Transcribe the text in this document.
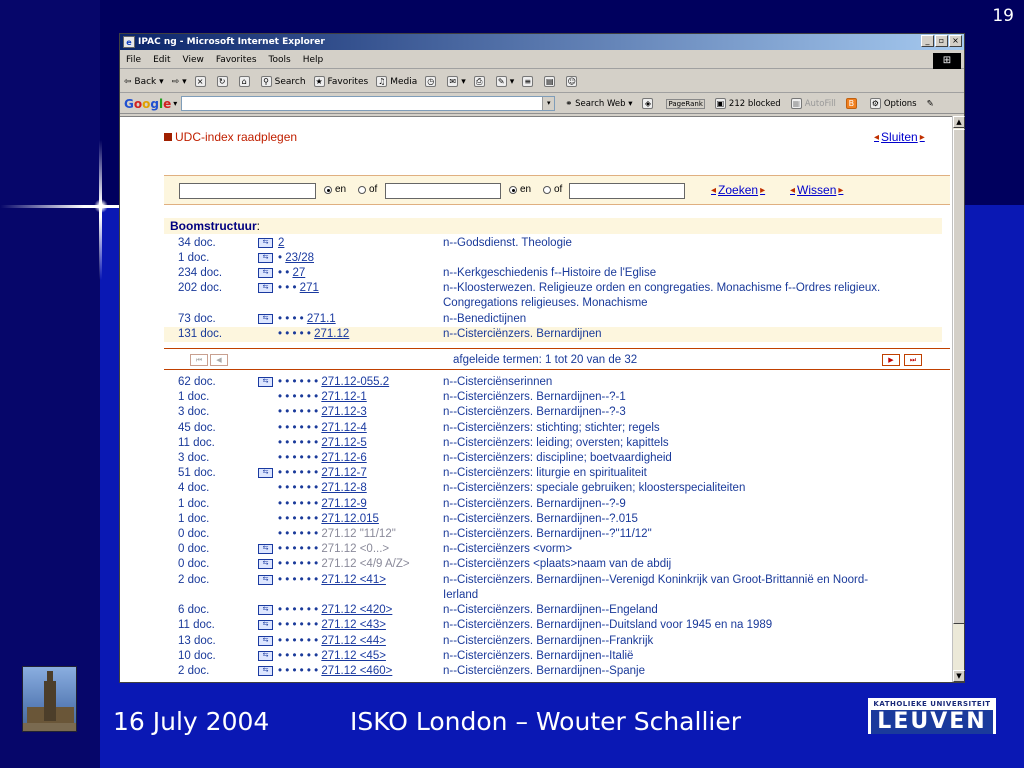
19
e IPAC ng - Microsoft Internet Explorer	_	▫ ×
File Edit View Favorites Tools Help	⊞
⇦
Back ▾ ⇨ ▾ × ↻	⌂	⚲ Search ★ Favorites ♫ Media ◷ ✉ ▾ ⎙ ✎ ▾ ≡ ▤ ☺
Google ▾	▾	⚭
Search Web ▾	◈	PageRank ▣ 212 blocked ▦ AutoFill	B	⚙ Options ✎
UDC-index raadplegen	◂ Sluiten ▸
en of	en of	◂ Zoeken ▸ ◂ Wissen ▸
Boomstructuur:
34 doc.	⇆ 2	n--Godsdienst. Theologie
1 doc.	⇆ • 23/28
234 doc.	⇆ • • 27	n--Kerkgeschiedenis f--Histoire de l'Eglise
202 doc.	⇆ • • • 271	n--Kloosterwezen. Religieuze orden en congregaties. Monachisme f--Ordres religieux.
Congregations religieuses. Monachisme
73 doc.	⇆ • • • • 271.1	n--Benedictijnen
131 doc.	• • • • • 271.12	n--Cisterciënzers. Bernardijnen
⏮	◀	afgeleide termen: 1 tot 20 van de 32	▶	⏭
62 doc.	⇆ • • • • • • 271.12-055.2	n--Cisterciënserinnen
1 doc.	• • • • • • 271.12-1	n--Cisterciënzers. Bernardijnen--?-1
3 doc.	• • • • • • 271.12-3	n--Cisterciënzers. Bernardijnen--?-3
45 doc.	• • • • • • 271.12-4	n--Cisterciënzers: stichting; stichter; regels
11 doc.	• • • • • • 271.12-5	n--Cisterciënzers: leiding; oversten; kapittels
3 doc.	• • • • • • 271.12-6	n--Cisterciënzers: discipline; boetvaardigheid
51 doc.	⇆ • • • • • • 271.12-7	n--Cisterciënzers: liturgie en spiritualiteit
4 doc.	• • • • • • 271.12-8	n--Cisterciënzers: speciale gebruiken; kloosterspecialiteiten
1 doc.	• • • • • • 271.12-9	n--Cisterciënzers. Bernardijnen--?-9
1 doc.	• • • • • • 271.12.015	n--Cisterciënzers. Bernardijnen--?.015
0 doc.	• • • • • • 271.12 "11/12"	n--Cisterciënzers. Bernardijnen--?"11/12"
0 doc.	⇆ • • • • • • 271.12 <0...>	n--Cisterciënzers <vorm>
0 doc.	⇆ • • • • • • 271.12 <4/9 A/Z>	n--Cisterciënzers <plaats>naam van de abdij
2 doc.	⇆ • • • • • • 271.12 <41>	n--Cisterciënzers. Bernardijnen--Verenigd Koninkrijk van Groot-Brittannië en Noord-
Ierland
6 doc.	⇆ • • • • • • 271.12 <420>	n--Cisterciënzers. Bernardijnen--Engeland
11 doc.	⇆ • • • • • • 271.12 <43>	n--Cisterciënzers. Bernardijnen--Duitsland voor 1945 en na 1989
13 doc.	⇆ • • • • • • 271.12 <44>	n--Cisterciënzers. Bernardijnen--Frankrijk
10 doc.	⇆ • • • • • • 271.12 <45>	n--Cisterciënzers. Bernardijnen--Italië
2 doc.	⇆ • • • • • • 271.12 <460>	n--Cisterciënzers. Bernardijnen--Spanje
▲
▼
16 July 2004	ISKO London – Wouter Schallier
KATHOLIEKE UNIVERSITEIT
LEUVEN
